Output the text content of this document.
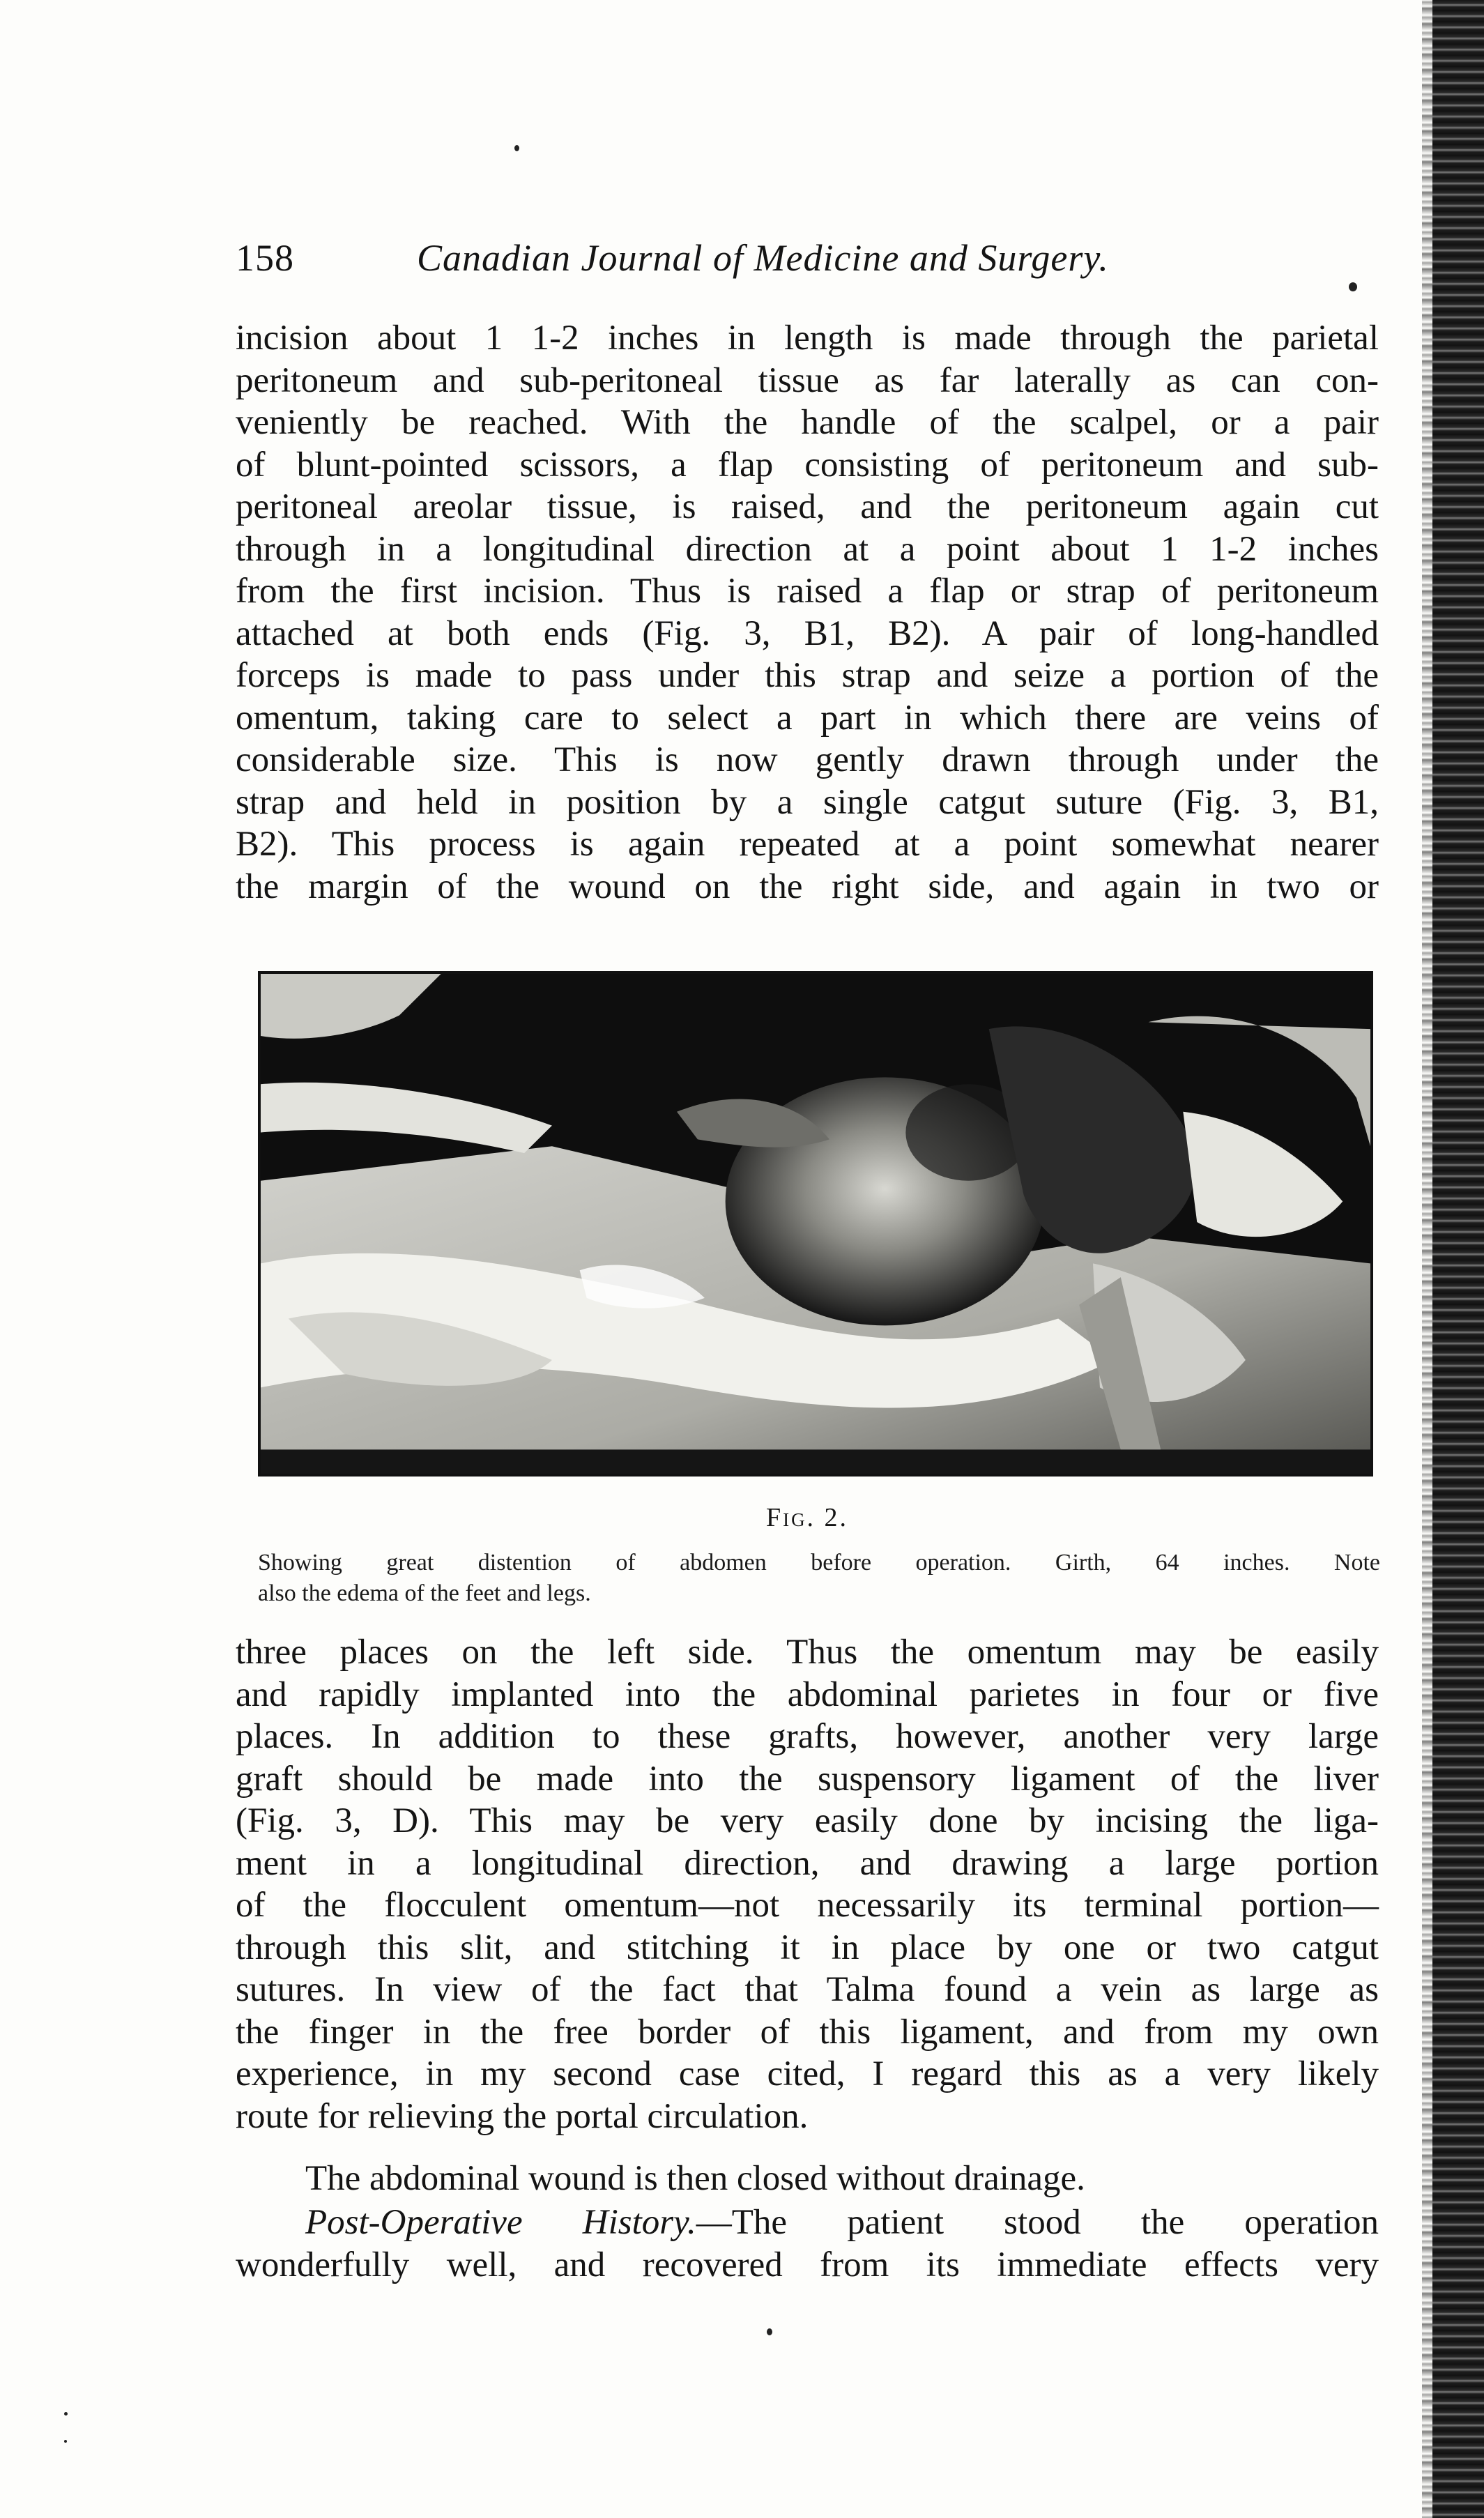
158	Canadian Journal of Medicine and Surgery.
incision about 1 1-2 inches in length is made through the parietal
peritoneum and sub-peritoneal tissue as far laterally as can con-
veniently be reached. With the handle of the scalpel, or a pair
of blunt-pointed scissors, a flap consisting of peritoneum and sub-
peritoneal areolar tissue, is raised, and the peritoneum again cut
through in a longitudinal direction at a point about 1 1-2 inches
from the first incision. Thus is raised a flap or strap of peritoneum
attached at both ends (Fig. 3, B1, B2). A pair of long-handled
forceps is made to pass under this strap and seize a portion of the
omentum, taking care to select a part in which there are veins of
considerable size. This is now gently drawn through under the
strap and held in position by a single catgut suture (Fig. 3, B1,
B2). This process is again repeated at a point somewhat nearer
the margin of the wound on the right side, and again in two or
Fig. 2.
Showing great distention of abdomen before operation. Girth, 64 inches. Note
also the edema of the feet and legs.
three places on the left side. Thus the omentum may be easily
and rapidly implanted into the abdominal parietes in four or five
places. In addition to these grafts, however, another very large
graft should be made into the suspensory ligament of the liver
(Fig. 3, D). This may be very easily done by incising the liga-
ment in a longitudinal direction, and drawing a large portion
of the flocculent omentum—not necessarily its terminal portion—
through this slit, and stitching it in place by one or two catgut
sutures. In view of the fact that Talma found a vein as large as
the finger in the free border of this ligament, and from my own
experience, in my second case cited, I regard this as a very likely
route for relieving the portal circulation.
The abdominal wound is then closed without drainage.
Post-Operative History.—The patient stood the operation
wonderfully well, and recovered from its immediate effects very
